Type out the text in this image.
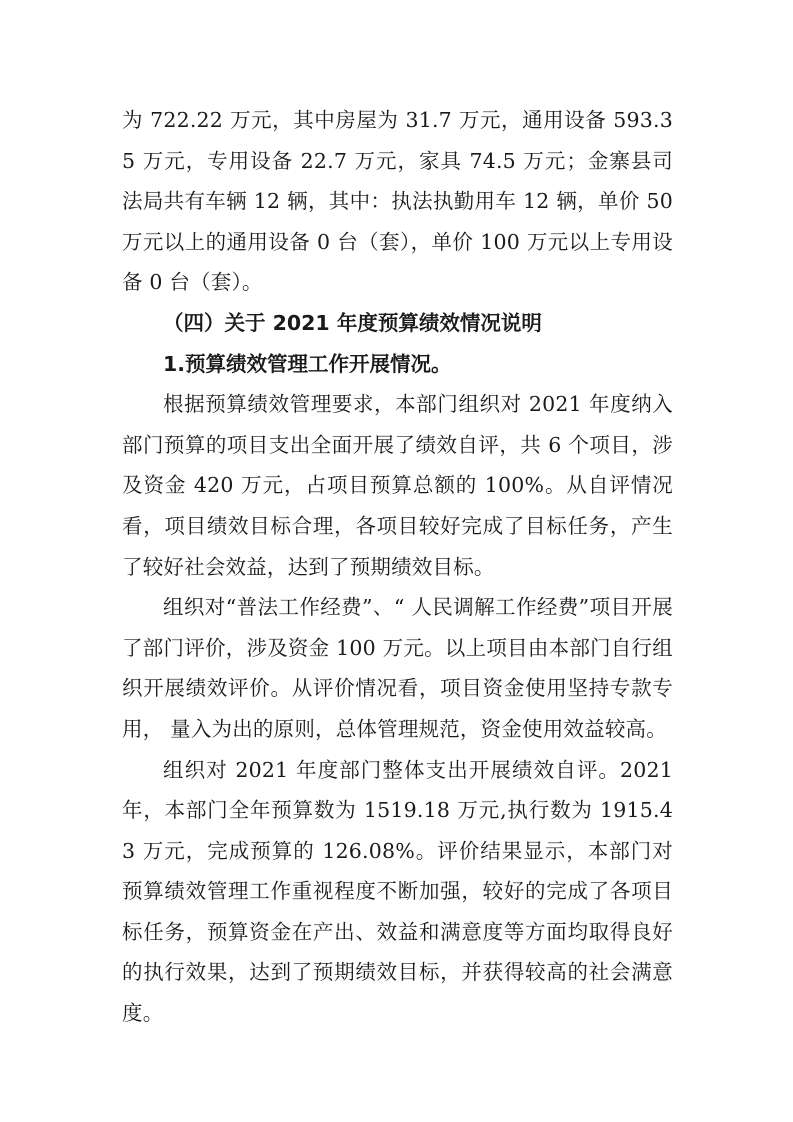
为 722.22 万元，其中房屋为 31.7 万元，通用设备 593.35 万元，专用设备 22.7 万元，家具 74.5 万元；金寨县司法局共有车辆 12 辆，其中：执法执勤用车 12 辆，单价 50 万元以上的通用设备 0 台（套），单价 100 万元以上专用设备 0 台（套）。

（四）关于 2021 年度预算绩效情况说明

1.预算绩效管理工作开展情况。

根据预算绩效管理要求，本部门组织对 2021 年度纳入部门预算的项目支出全面开展了绩效自评，共 6 个项目，涉及资金 420 万元，占项目预算总额的 100%。从自评情况看，项目绩效目标合理，各项目较好完成了目标任务，产生了较好社会效益，达到了预期绩效目标。

组织对“普法工作经费”、“ 人民调解工作经费”项目开展了部门评价，涉及资金 100 万元。以上项目由本部门自行组织开展绩效评价。从评价情况看，项目资金使用坚持专款专用， 量入为出的原则，总体管理规范，资金使用效益较高。

组织对 2021 年度部门整体支出开展绩效自评。2021 年，本部门全年预算数为 1519.18 万元,执行数为 1915.43 万元，完成预算的 126.08%。评价结果显示，本部门对预算绩效管理工作重视程度不断加强，较好的完成了各项目标任务，预算资金在产出、效益和满意度等方面均取得良好的执行效果，达到了预期绩效目标，并获得较高的社会满意度。
